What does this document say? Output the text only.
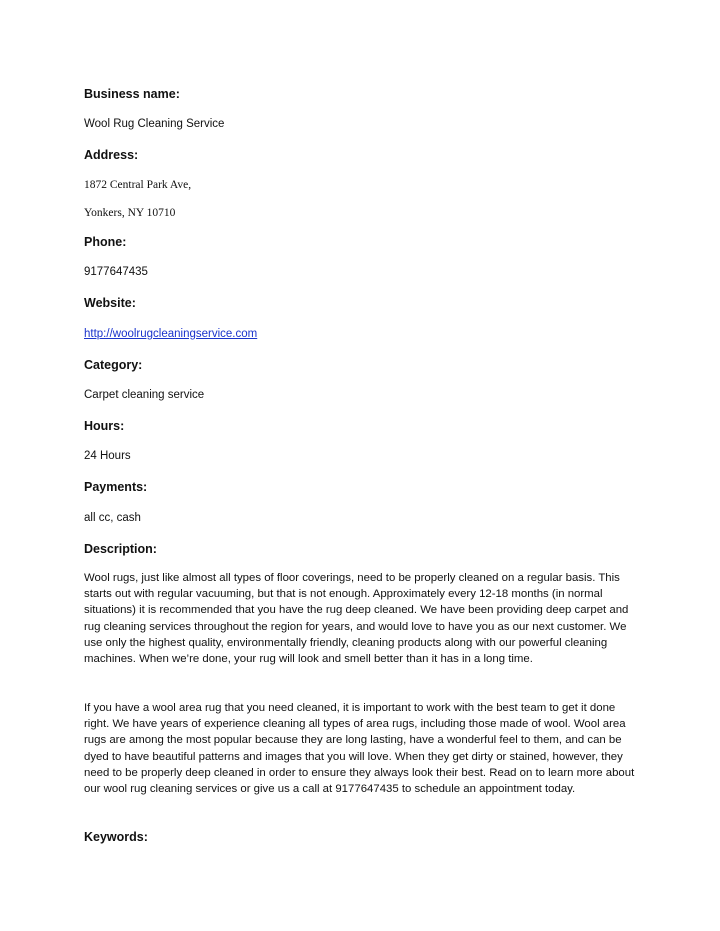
Business name:

Wool Rug Cleaning Service

Address:

1872 Central Park Ave,

Yonkers, NY 10710

Phone:

9177647435

Website:

http://woolrugcleaningservice.com

Category:

Carpet cleaning service

Hours:

24 Hours

Payments:

all cc, cash

Description:

Wool rugs, just like almost all types of floor coverings, need to be properly cleaned on a regular basis. This starts out with regular vacuuming, but that is not enough. Approximately every 12-18 months (in normal situations) it is recommended that you have the rug deep cleaned. We have been providing deep carpet and rug cleaning services throughout the region for years, and would love to have you as our next customer. We use only the highest quality, environmentally friendly, cleaning products along with our powerful cleaning machines. When we’re done, your rug will look and smell better than it has in a long time.

If you have a wool area rug that you need cleaned, it is important to work with the best team to get it done right. We have years of experience cleaning all types of area rugs, including those made of wool. Wool area rugs are among the most popular because they are long lasting, have a wonderful feel to them, and can be dyed to have beautiful patterns and images that you will love. When they get dirty or stained, however, they need to be properly deep cleaned in order to ensure they always look their best. Read on to learn more about our wool rug cleaning services or give us a call at 9177647435 to schedule an appointment today.

Keywords:
